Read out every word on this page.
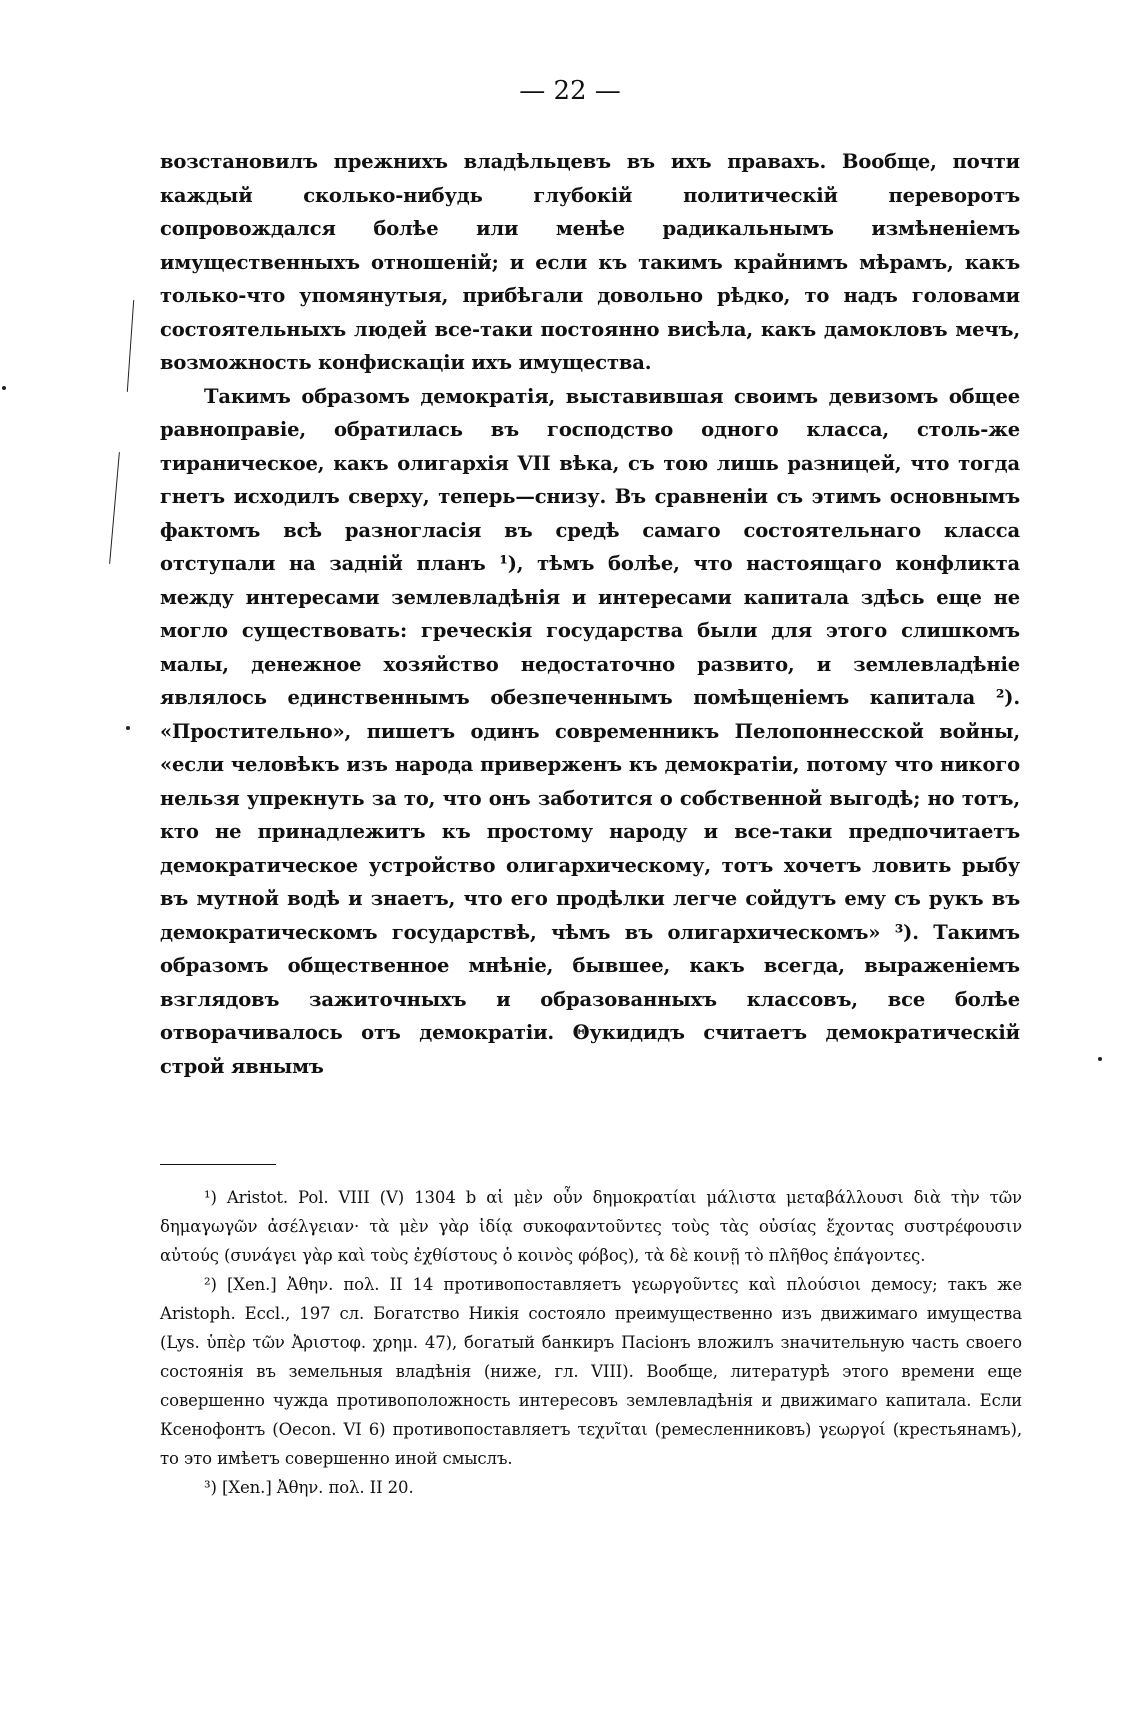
— 22 —

возстановилъ прежнихъ владѣльцевъ въ ихъ правахъ. Вообще, почти каждый сколько-нибудь глубокій политическій переворотъ сопровождался болѣе или менѣе радикальнымъ измѣненіемъ имущественныхъ отношеній; и если къ такимъ крайнимъ мѣрамъ, какъ только-что упомянутыя, прибѣгали довольно рѣдко, то надъ головами состоятельныхъ людей все-таки постоянно висѣла, какъ дамокловъ мечъ, возможность конфискаціи ихъ имущества.

Такимъ образомъ демократія, выставившая своимъ девизомъ общее равноправіе, обратилась въ господство одного класса, столь-же тираническое, какъ олигархія VII вѣка, съ тою лишь разницей, что тогда гнетъ исходилъ сверху, теперь—снизу. Въ сравненіи съ этимъ основнымъ фактомъ всѣ разногласія въ средѣ самаго состоятельнаго класса отступали на задній планъ ¹), тѣмъ болѣе, что настоящаго конфликта между интересами землевладѣнія и интересами капитала здѣсь еще не могло существовать: греческія государства были для этого слишкомъ малы, денежное хозяйство недостаточно развито, и землевладѣніе являлось единственнымъ обезпеченнымъ помѣщеніемъ капитала ²). «Простительно», пишетъ одинъ современникъ Пелопоннесской войны, «если человѣкъ изъ народа приверженъ къ демократіи, потому что никого нельзя упрекнуть за то, что онъ заботится о собственной выгодѣ; но тотъ, кто не принадлежитъ къ простому народу и все-таки предпочитаетъ демократическое устройство олигархическому, тотъ хочетъ ловить рыбу въ мутной водѣ и знаетъ, что его продѣлки легче сойдутъ ему съ рукъ въ демократическомъ государствѣ, чѣмъ въ олигархическомъ» ³). Такимъ образомъ общественное мнѣніе, бывшее, какъ всегда, выраженіемъ взглядовъ зажиточныхъ и образованныхъ классовъ, все болѣе отворачивалось отъ демократіи. Θукидидъ считаетъ демократическій строй явнымъ

¹) Aristot. Pol. VIII (V) 1304 b αἱ μὲν οὖν δημοκρατίαι μάλιστα μεταβάλλουσι διὰ τὴν τῶν δημαγωγῶν ἀσέλγειαν· τὰ μὲν γὰρ ἰδίᾳ συκοφαντοῦντες τοὺς τὰς οὐσίας ἔχοντας συστρέφουσιν αὐτούς (συνάγει γὰρ καὶ τοὺς ἐχθίστους ὁ κοινὸς φόβος), τὰ δὲ κοινῇ τὸ πλῆθος ἐπάγοντες.

²) [Xen.] Ἀθην. πολ. II 14 противопоставляетъ γεωργοῦντες καὶ πλούσιοι демосу; такъ же Aristoph. Eccl., 197 сл. Богатство Никія состояло преимущественно изъ движимаго имущества (Lys. ὑπὲρ τῶν Ἀριστοφ. χρημ. 47), богатый банкиръ Пасіонъ вложилъ значительную часть своего состоянія въ земельныя владѣнія (ниже, гл. VIII). Вообще, литературѣ этого времени еще совершенно чужда противоположность интересовъ землевладѣнія и движимаго капитала. Если Ксенофонтъ (Oecon. VI 6) противопоставляетъ τεχνῖται (ремесленниковъ) γεωργοί (крестьянамъ), то это имѣетъ совершенно иной смыслъ.

³) [Xen.] Ἀθην. πολ. II 20.
